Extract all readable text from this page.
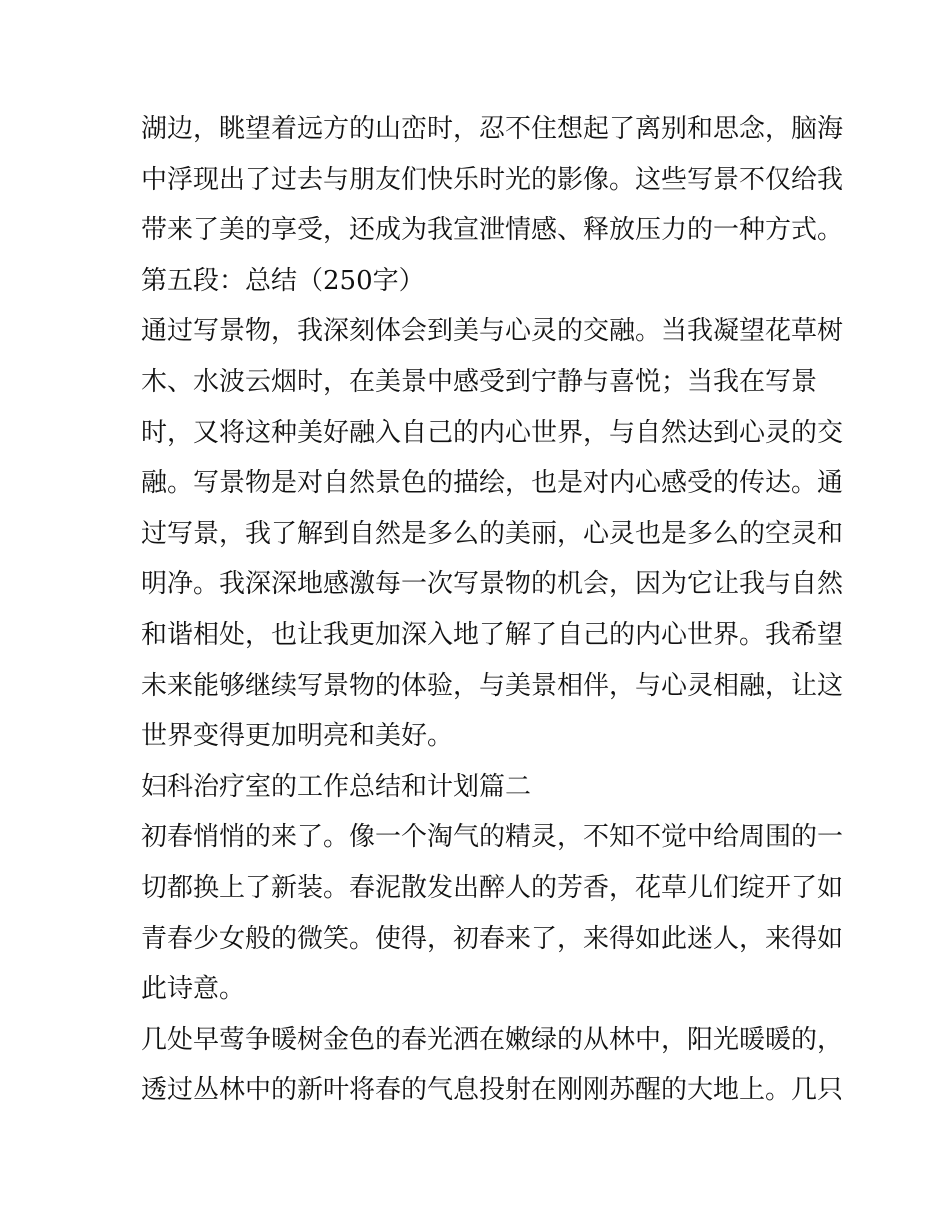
湖边，眺望着远方的山峦时，忍不住想起了离别和思念，脑海
中浮现出了过去与朋友们快乐时光的影像。这些写景不仅给我
带来了美的享受，还成为我宣泄情感、释放压力的一种方式。
第五段：总结（250字）
通过写景物，我深刻体会到美与心灵的交融。当我凝望花草树
木、水波云烟时，在美景中感受到宁静与喜悦；当我在写景
时，又将这种美好融入自己的内心世界，与自然达到心灵的交
融。写景物是对自然景色的描绘，也是对内心感受的传达。通
过写景，我了解到自然是多么的美丽，心灵也是多么的空灵和
明净。我深深地感激每一次写景物的机会，因为它让我与自然
和谐相处，也让我更加深入地了解了自己的内心世界。我希望
未来能够继续写景物的体验，与美景相伴，与心灵相融，让这
世界变得更加明亮和美好。
妇科治疗室的工作总结和计划篇二
初春悄悄的来了。像一个淘气的精灵，不知不觉中给周围的一
切都换上了新装。春泥散发出醉人的芳香，花草儿们绽开了如
青春少女般的微笑。使得，初春来了，来得如此迷人，来得如
此诗意。
几处早莺争暖树金色的春光洒在嫩绿的从林中，阳光暖暖的，
透过丛林中的新叶将春的气息投射在刚刚苏醒的大地上。几只
